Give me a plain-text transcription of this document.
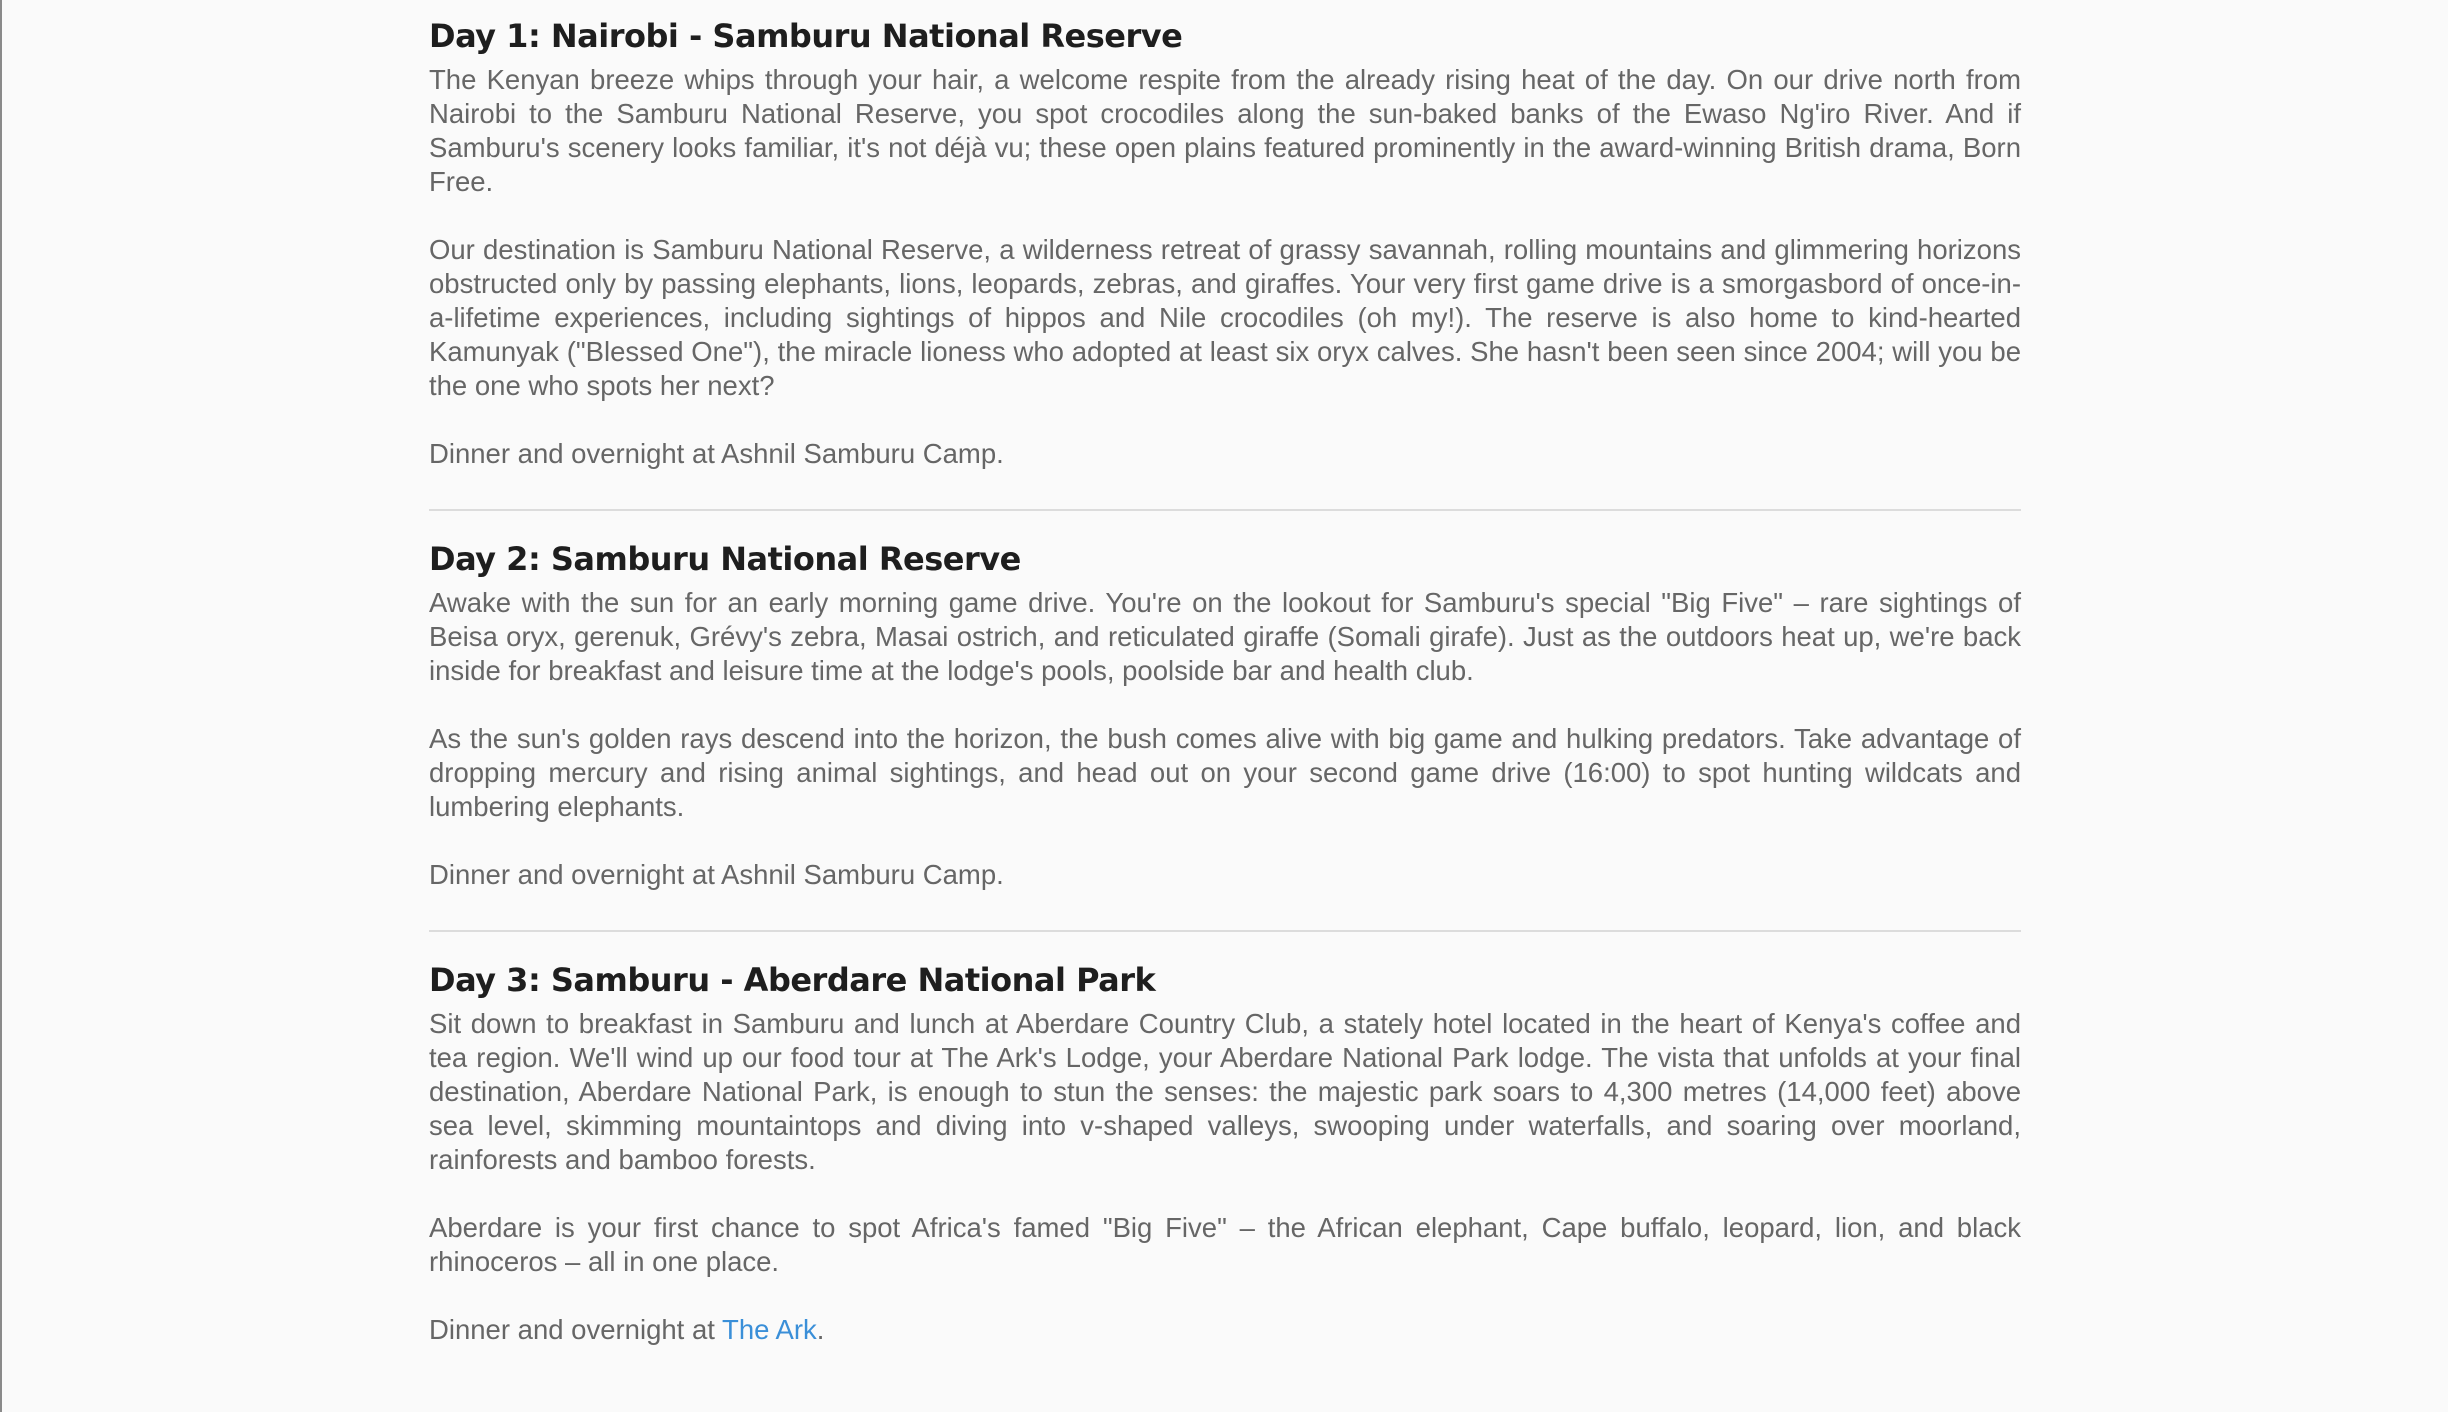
Day 1: Nairobi - Samburu National Reserve

The Kenyan breeze whips through your hair, a welcome respite from the already rising heat of the day. On our drive north from Nairobi to the Samburu National Reserve, you spot crocodiles along the sun-baked banks of the Ewaso Ng'iro River. And if Samburu's scenery looks familiar, it's not déjà vu; these open plains featured prominently in the award-winning British drama, Born Free.

Our destination is Samburu National Reserve, a wilderness retreat of grassy savannah, rolling mountains and glimmering horizons obstructed only by passing elephants, lions, leopards, zebras, and giraffes. Your very first game drive is a smorgasbord of once-in-a-lifetime experiences, including sightings of hippos and Nile crocodiles (oh my!). The reserve is also home to kind-hearted Kamunyak ("Blessed One"), the miracle lioness who adopted at least six oryx calves. She hasn't been seen since 2004; will you be the one who spots her next?

Dinner and overnight at Ashnil Samburu Camp.

Day 2: Samburu National Reserve

Awake with the sun for an early morning game drive. You're on the lookout for Samburu's special "Big Five" – rare sightings of Beisa oryx, gerenuk, Grévy's zebra, Masai ostrich, and reticulated giraffe (Somali girafe). Just as the outdoors heat up, we're back inside for breakfast and leisure time at the lodge's pools, poolside bar and health club.

As the sun's golden rays descend into the horizon, the bush comes alive with big game and hulking predators. Take advantage of dropping mercury and rising animal sightings, and head out on your second game drive (16:00) to spot hunting wildcats and lumbering elephants.

Dinner and overnight at Ashnil Samburu Camp.

Day 3: Samburu - Aberdare National Park

Sit down to breakfast in Samburu and lunch at Aberdare Country Club, a stately hotel located in the heart of Kenya's coffee and tea region. We'll wind up our food tour at The Ark's Lodge, your Aberdare National Park lodge. The vista that unfolds at your final destination, Aberdare National Park, is enough to stun the senses: the majestic park soars to 4,300 metres (14,000 feet) above sea level, skimming mountaintops and diving into v-shaped valleys, swooping under waterfalls, and soaring over moorland, rainforests and bamboo forests.

Aberdare is your first chance to spot Africa's famed "Big Five" – the African elephant, Cape buffalo, leopard, lion, and black rhinoceros – all in one place.

Dinner and overnight at The Ark.
